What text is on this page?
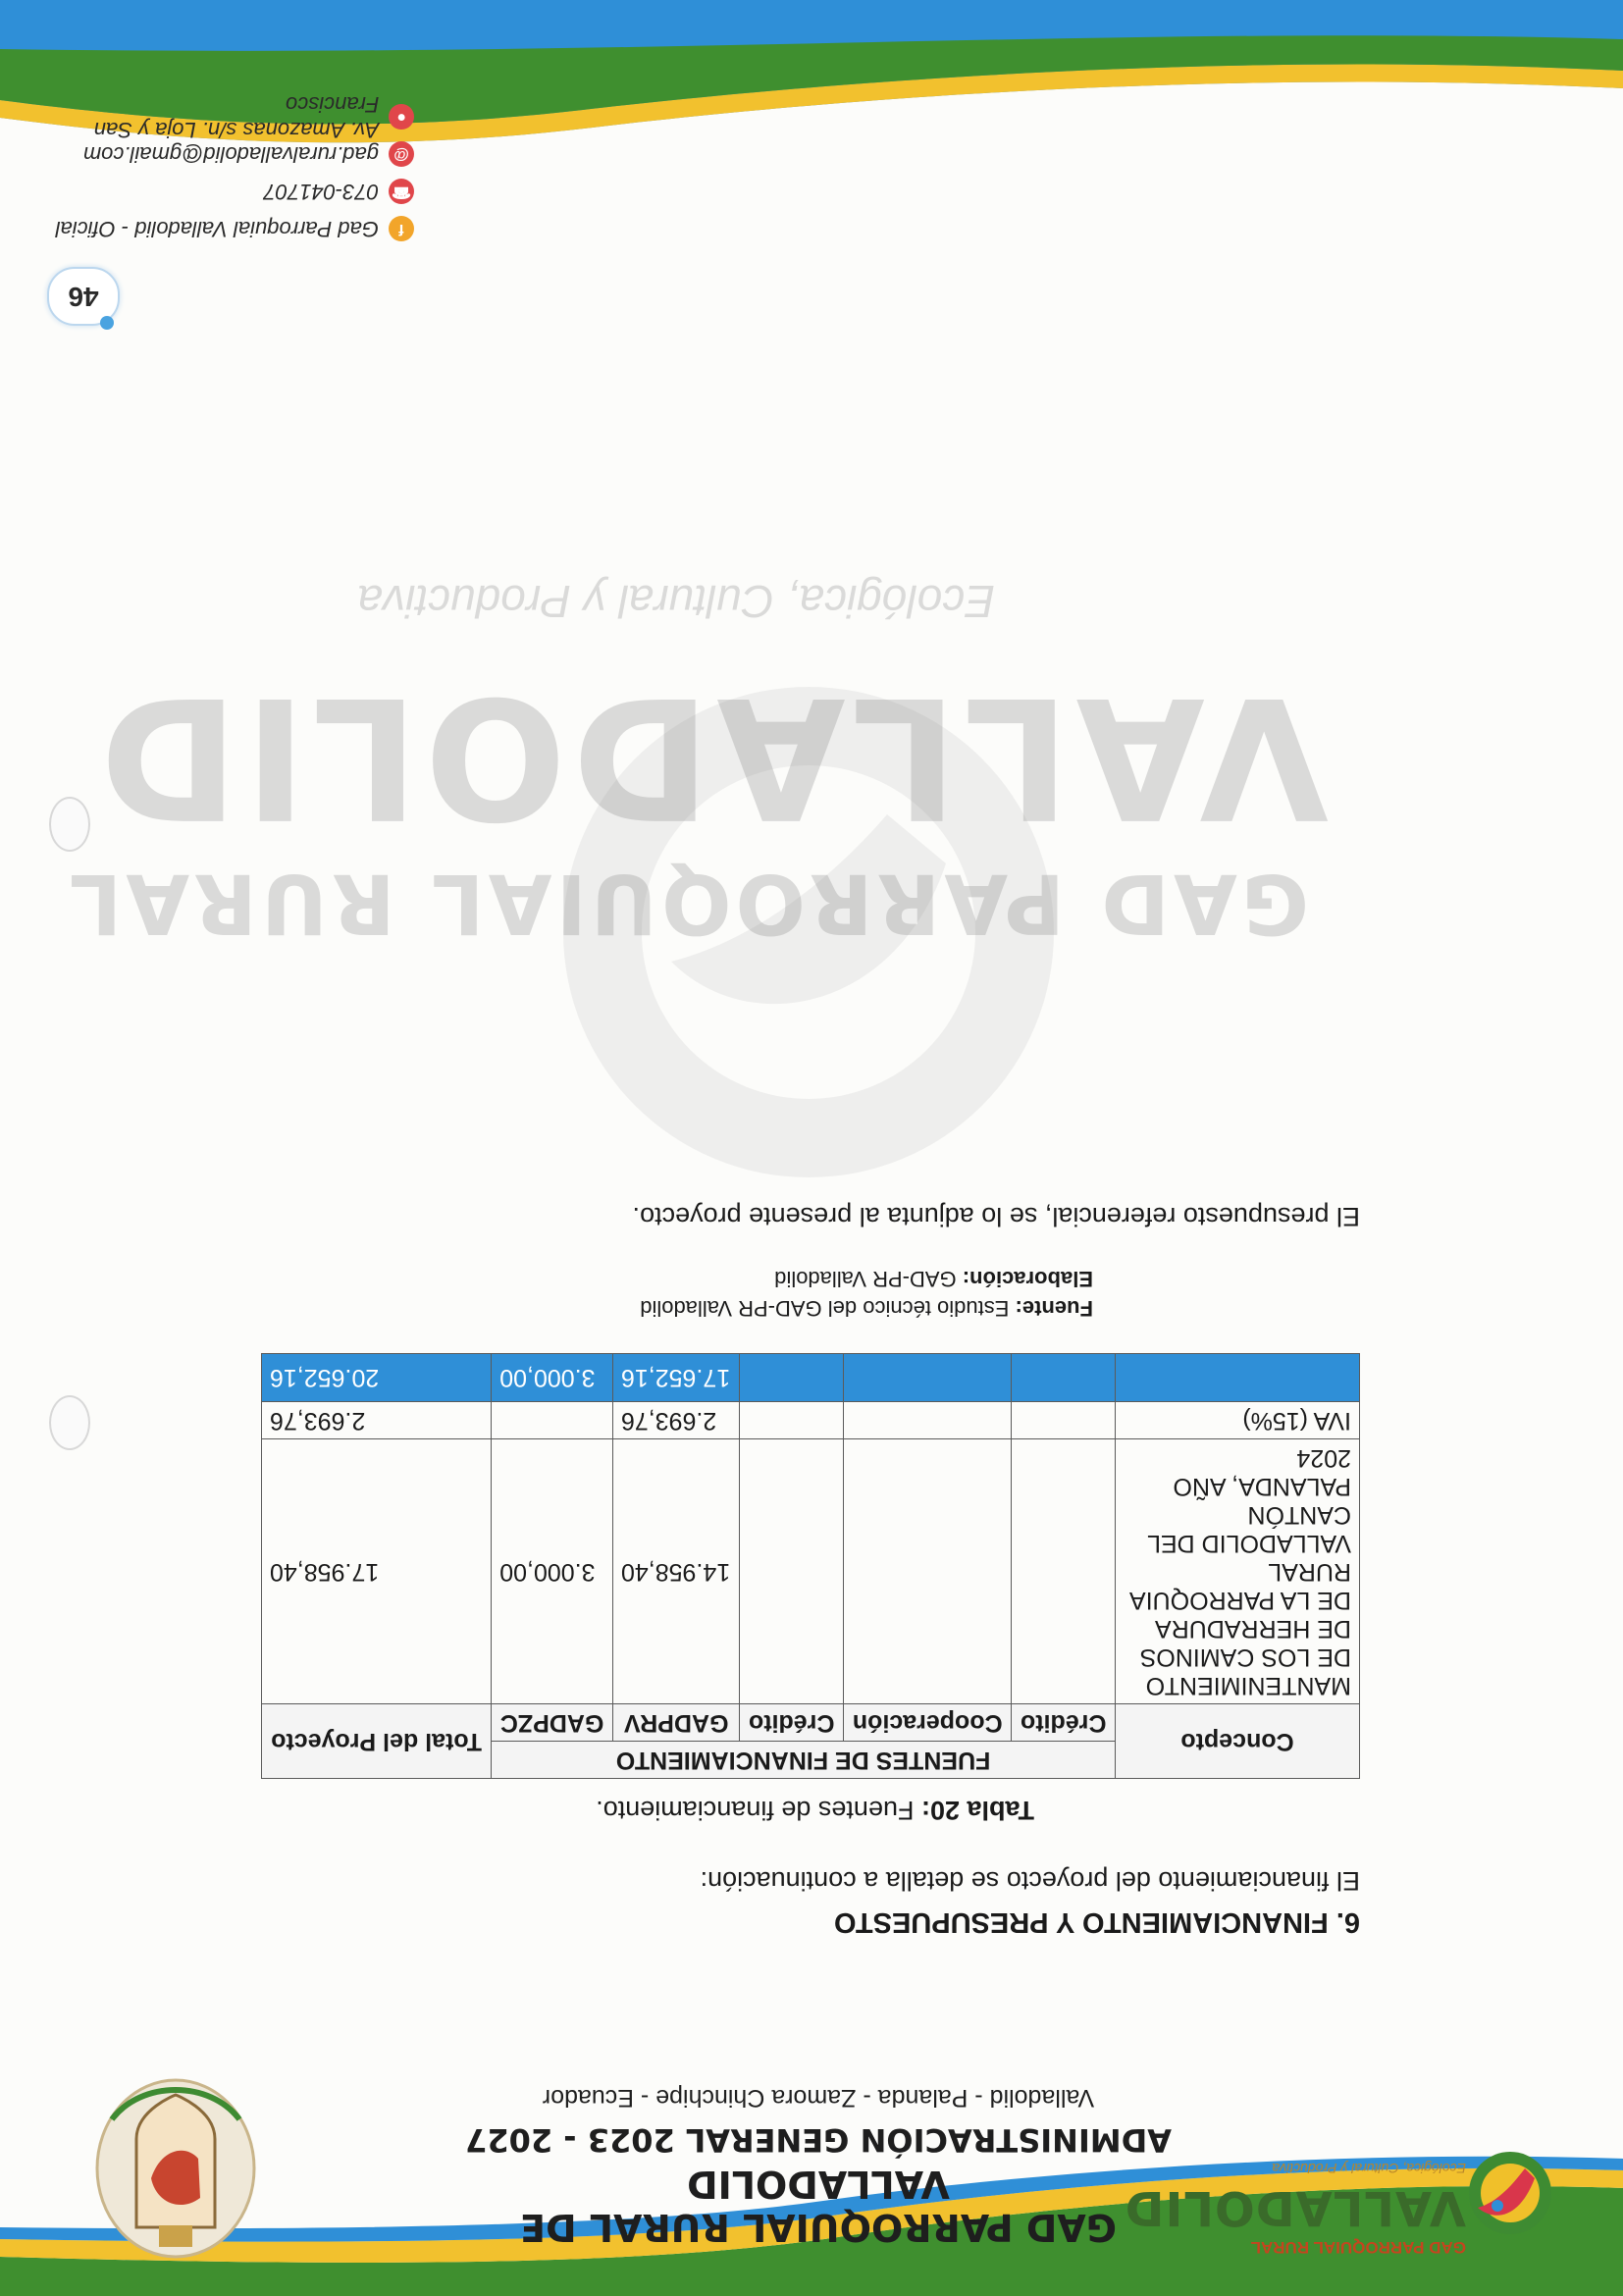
GAD PARROQUIAL RURAL
VALLADOLID
Ecológica, Cultural y Productiva
GAD PARROQUIAL RURAL DE VALLADOLID
ADMINISTRACIÓN GENERAL 2023 - 2027
Valladolid - Palanda - Zamora Chinchipe - Ecuador
6. FINANCIAMIENTO Y PRESUPUESTO
El financiamiento del proyecto se detalla a continuación:
Tabla 20: Fuentes de financiamiento.
Concepto	FUENTES DE FINANCIAMIENTO					Total del Proyecto
	Crédito	Cooperación	Crédito	GADPRV	GADPZC	
MANTENIMIENTO DE LOS CAMINOS DE HERRADURA DE LA PARROQUIA RURAL VALLADOLID DEL CANTÓN PALANDA, AÑO 2024				14.958,40	3.000,00	17.958,40
IVA (15%)				2.693,76		2.693,76
				17.652,16	3.000,00	20.652,16
Fuente: Estudio técnico del GAD-PR Valladolid
Elaboración: GAD-PR Valladolid
El presupuesto referencial, se lo adjunta al presente proyecto.
GAD PARROQUIAL RURAL
VALLADOLID
Ecológica, Cultural y Productiva
46
f
Gad Parroquial Valladolid - Oficial
☎
073-041707
@
gad.ruralvalladolid@gmail.com
●
Av. Amazonas s/n. Loja y San Francisco
